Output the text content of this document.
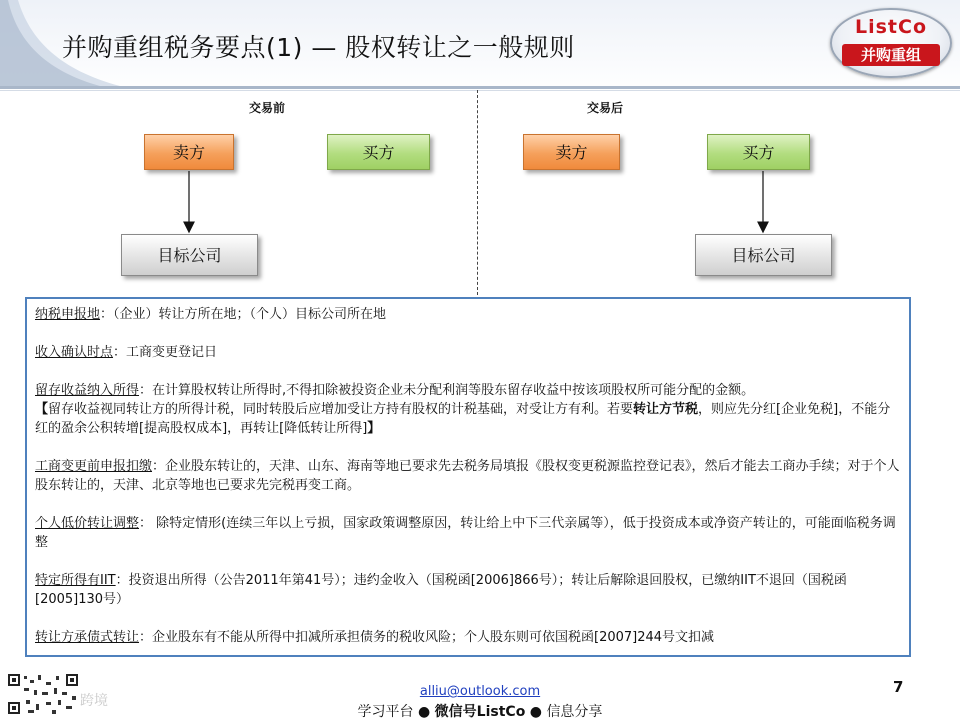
并购重组税务要点(1) — 股权转让之一般规则
ListCo
并购重组
交易前	交易后
卖方	买方
目标公司
卖方	买方
目标公司

纳税申报地：（企业）转让方所在地；（个人）目标公司所在地

收入确认时点：工商变更登记日

留存收益纳入所得：在计算股权转让所得时,不得扣除被投资企业未分配利润等股东留存收益中按该项股权所可能分配的金额。

【留存收益视同转让方的所得计税，同时转股后应增加受让方持有股权的计税基础，对受让方有利。若要转让方节税，则应先分红[企业免税]，不能分红的盈余公积转增[提高股权成本]，再转让[降低转让所得]】

工商变更前申报扣缴：企业股东转让的，天津、山东、海南等地已要求先去税务局填报《股权变更税源监控登记表》，然后才能去工商办手续；对于个人股东转让的，天津、北京等地也已要求先完税再变工商。

个人低价转让调整： 除特定情形(连续三年以上亏损，国家政策调整原因，转让给上中下三代亲属等），低于投资成本或净资产转让的，可能面临税务调整

特定所得有IIT：投资退出所得（公告2011年第41号）；违约金收入（国税函[2006]866号）；转让后解除退回股权，已缴纳IIT不退回（国税函[2005]130号）

转让方承债式转让：企业股东有不能从所得中扣减所承担债务的税收风险；个人股东则可依国税函[2007]244号文扣减

跨境
alliu@outlook.com
学习平台 ● 微信号ListCo ● 信息分享
7
